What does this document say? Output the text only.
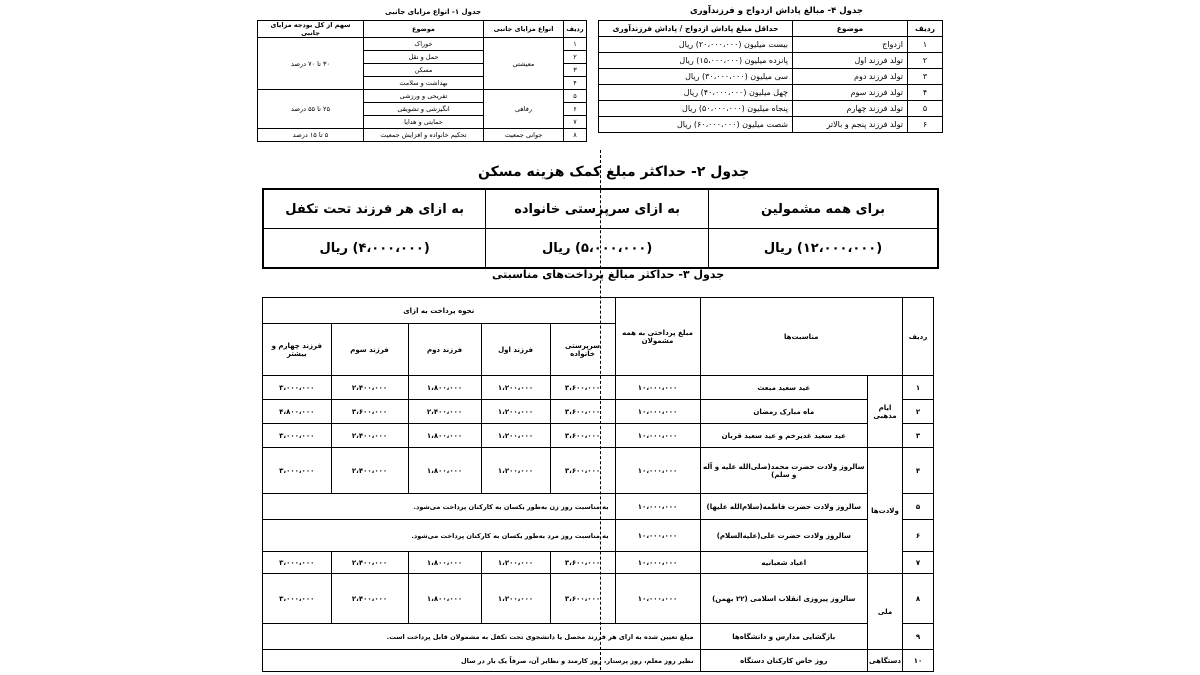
جدول ۱- انواع مزایای جانبی
ردیف	انواع مزایای جانبی	موضوع	سهم از کل بودجه مزایای جانبی
۱	معیشتی	خوراک	۳۰ تا ۷۰ درصد
۲		حمل و نقل	
۳		مسکن	
۴		بهداشت و سلامت	
۵	رفاهی	تفریحی و ورزشی	۲۵ تا ۵۵ درصد
۶		انگیزشی و تشویقی	
۷		حمایتی و هدایا	
۸	جوانی جمعیت	تحکیم خانواده و افزایش جمعیت	۵ تا ۱۵ درصد
جدول ۴- مبالغ پاداش ازدواج و فرزندآوری
ردیف	موضوع	حداقل مبلغ پاداش ازدواج / پاداش فرزندآوری
۱	ازدواج	بیست میلیون (۲۰،۰۰۰،۰۰۰) ریال
۲	تولد فرزند اول	پانزده میلیون (۱۵،۰۰۰،۰۰۰) ریال
۳	تولد فرزند دوم	سی میلیون (۳۰،۰۰۰،۰۰۰) ریال
۴	تولد فرزند سوم	چهل میلیون (۴۰،۰۰۰،۰۰۰) ریال
۵	تولد فرزند چهارم	پنجاه میلیون (۵۰،۰۰۰،۰۰۰) ریال
۶	تولد فرزند پنجم و بالاتر	شصت میلیون (۶۰،۰۰۰،۰۰۰) ریال
جدول ۲- حداکثر مبلغ کمک هزینه مسکن
برای همه مشمولین	به ازای سرپرستی خانواده	به ازای هر فرزند تحت تکفل
(۱۲،۰۰۰،۰۰۰) ریال	(۵،۰۰۰،۰۰۰) ریال	(۴،۰۰۰،۰۰۰) ریال
جدول ۳- حداکثر مبالغ پرداخت‌های مناسبتی
ردیف	مناسبت‌ها		مبلغ پرداختی به همه مشمولان	نحوه پرداخت به ازای				
				سرپرستی خانواده	فرزند اول	فرزند دوم	فرزند سوم	فرزند چهارم و بیشتر
۱	ایام مذهبی	عید سعید مبعث	۱۰،۰۰۰،۰۰۰	۳،۶۰۰،۰۰۰	۱،۲۰۰،۰۰۰	۱،۸۰۰،۰۰۰	۲،۴۰۰،۰۰۰	۳،۰۰۰،۰۰۰
۲		ماه مبارک رمضان	۱۰،۰۰۰،۰۰۰	۳،۶۰۰،۰۰۰	۱،۲۰۰،۰۰۰	۲،۴۰۰،۰۰۰	۳،۶۰۰،۰۰۰	۴،۸۰۰،۰۰۰
۳		عید سعید غدیرخم و عید سعید قربان	۱۰،۰۰۰،۰۰۰	۳،۶۰۰،۰۰۰	۱،۲۰۰،۰۰۰	۱،۸۰۰،۰۰۰	۲،۴۰۰،۰۰۰	۳،۰۰۰،۰۰۰
۴	ولادت‌ها	سالروز ولادت حضرت محمد(صلی‌الله علیه و آله و سلم)	۱۰،۰۰۰،۰۰۰	۳،۶۰۰،۰۰۰	۱،۲۰۰،۰۰۰	۱،۸۰۰،۰۰۰	۲،۴۰۰،۰۰۰	۳،۰۰۰،۰۰۰
۵		سالروز ولادت حضرت فاطمه(سلام‌الله علیها)	۱۰،۰۰۰،۰۰۰	به مناسبت روز زن به‌طور یکسان به کارکنان پرداخت می‌شود.				
۶		سالروز ولادت حضرت علی(علیه‌السلام)	۱۰،۰۰۰،۰۰۰	به مناسبت روز مرد به‌طور یکسان به کارکنان پرداخت می‌شود.				
۷		اعیاد شعبانیه	۱۰،۰۰۰،۰۰۰	۳،۶۰۰،۰۰۰	۱،۲۰۰،۰۰۰	۱،۸۰۰،۰۰۰	۲،۴۰۰،۰۰۰	۳،۰۰۰،۰۰۰
۸	ملی	سالروز پیروزی انقلاب اسلامی (۲۲ بهمن)	۱۰،۰۰۰،۰۰۰	۳،۶۰۰،۰۰۰	۱،۲۰۰،۰۰۰	۱،۸۰۰،۰۰۰	۲،۴۰۰،۰۰۰	۳،۰۰۰،۰۰۰
۹		بازگشایی مدارس و دانشگاه‌ها	مبلغ تعیین شده به ازای هر فرزند محصل یا دانشجوی تحت تکفل به مشمولان قابل پرداخت است.					
۱۰	دستگاهی	روز خاص کارکنان دستگاه	نظیر روز معلم، روز پرستار، روز کارمند و نظایر آن، صرفاً یک بار در سال					
